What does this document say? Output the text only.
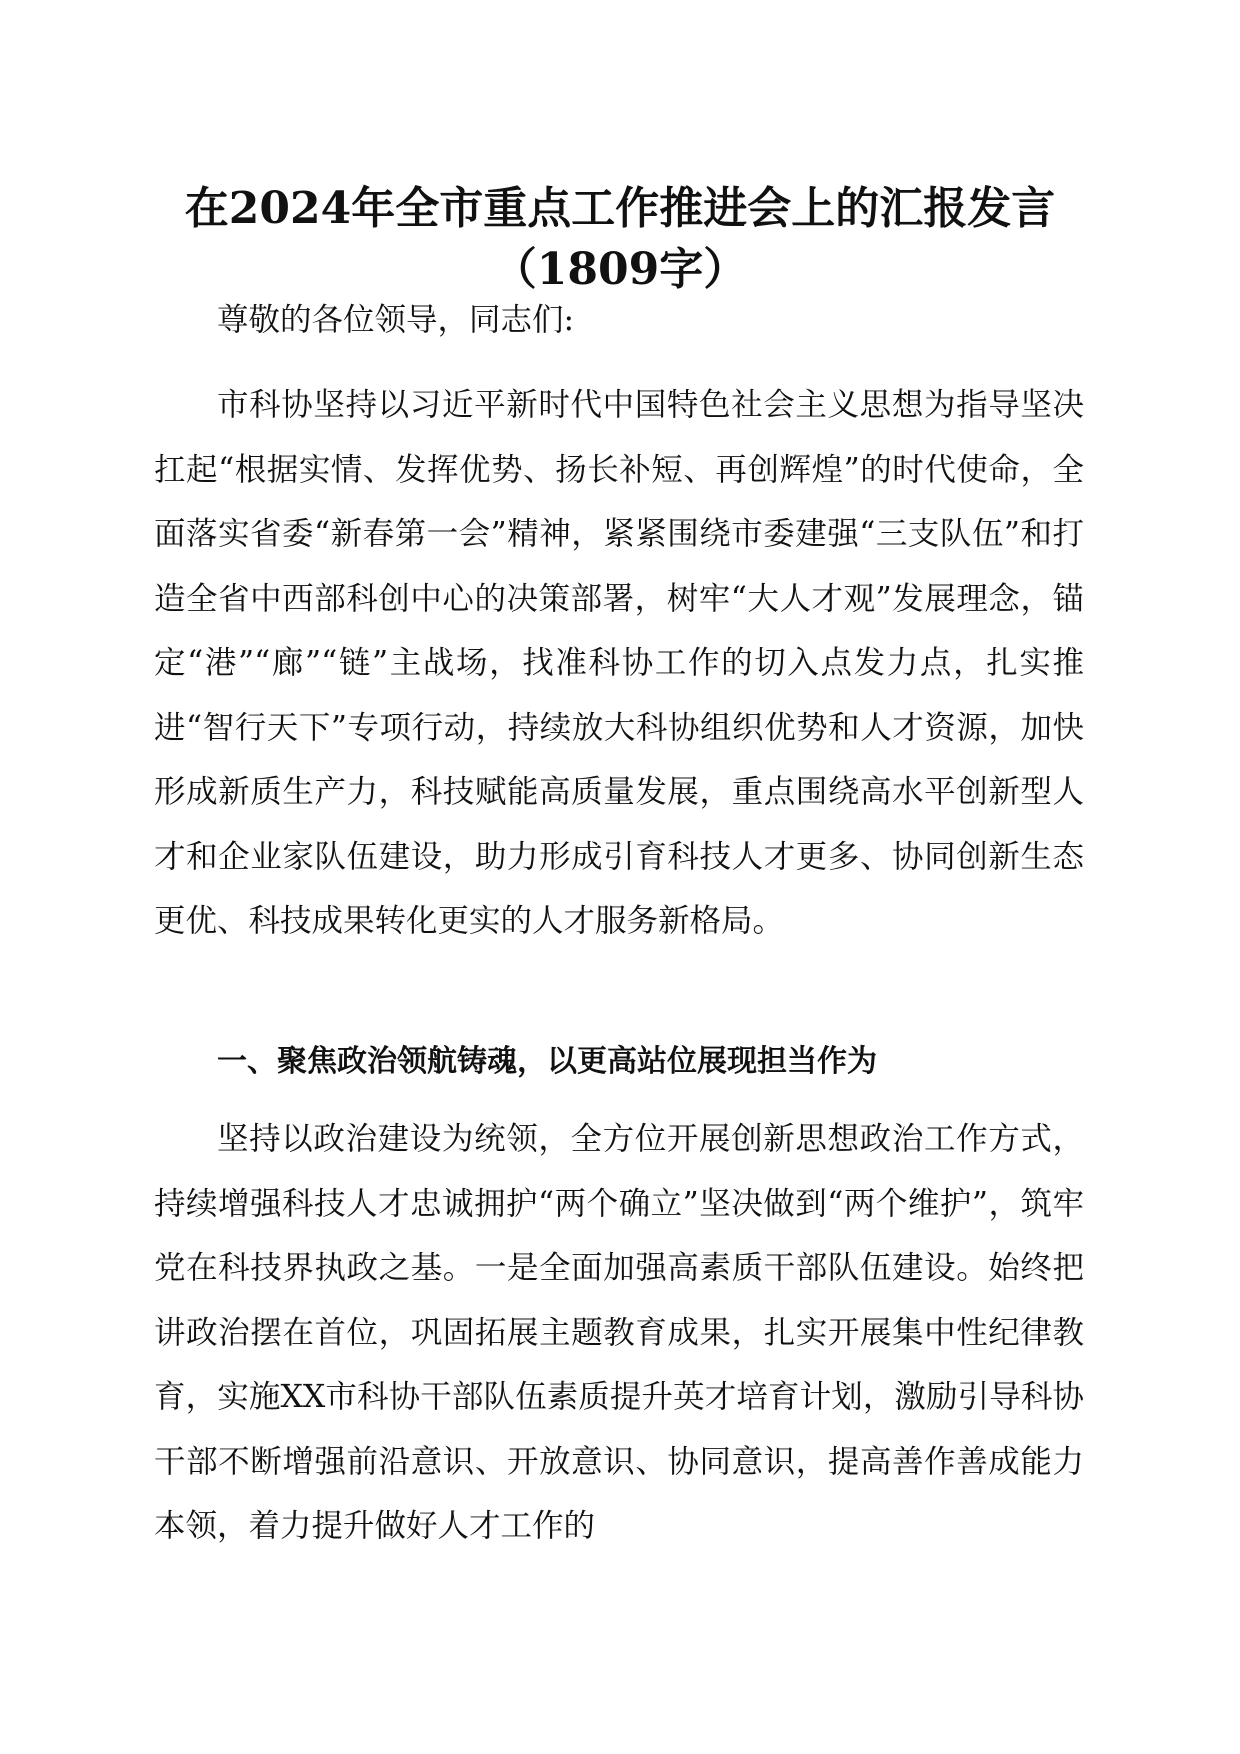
在2024年全市重点工作推进会上的汇报发言
（1809字）

尊敬的各位领导，同志们:

市科协坚持以习近平新时代中国特色社会主义思想为指导坚决扛起“根据实情、发挥优势、扬长补短、再创辉煌”的时代使命，全面落实省委“新春第一会”精神，紧紧围绕市委建强“三支队伍”和打造全省中西部科创中心的决策部署，树牢“大人才观”发展理念，锚定“港”“廊”“链”主战场，找准科协工作的切入点发力点，扎实推进“智行天下”专项行动，持续放大科协组织优势和人才资源，加快形成新质生产力，科技赋能高质量发展，重点围绕高水平创新型人才和企业家队伍建设，助力形成引育科技人才更多、协同创新生态更优、科技成果转化更实的人才服务新格局。

一、聚焦政治领航铸魂，以更高站位展现担当作为

坚持以政治建设为统领，全方位开展创新思想政治工作方式，持续增强科技人才忠诚拥护“两个确立”坚决做到“两个维护”，筑牢党在科技界执政之基。一是全面加强高素质干部队伍建设。始终把讲政治摆在首位，巩固拓展主题教育成果，扎实开展集中性纪律教育，实施XX市科协干部队伍素质提升英才培育计划，激励引导科协干部不断增强前沿意识、开放意识、协同意识，提高善作善成能力本领，着力提升做好人才工作的
